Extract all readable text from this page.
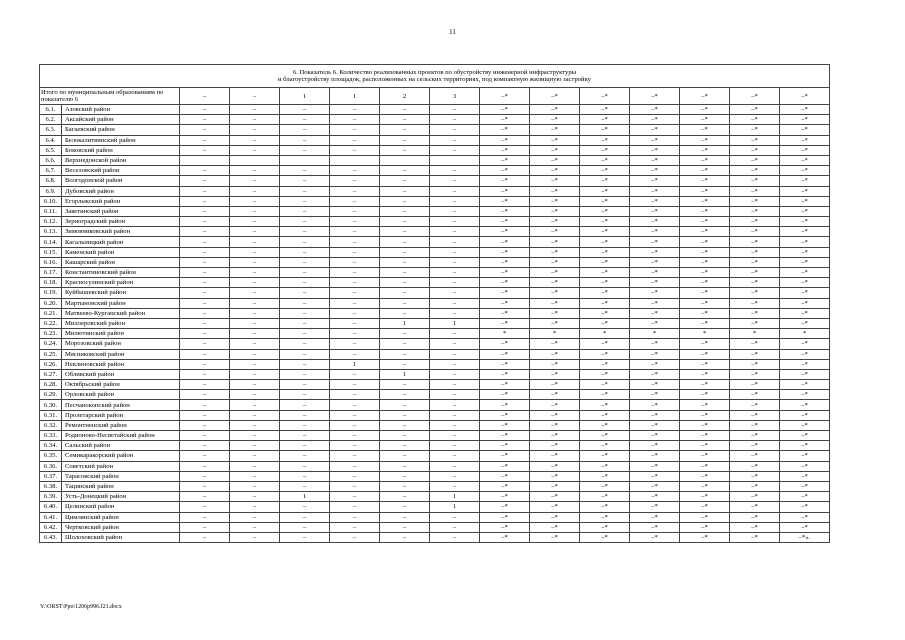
11
6. Показатель 6. Количество реализованных проектов по обустройству инженерной инфраструктуры
и благоустройству площадок, расположенных на сельских территориях, под компактную жилищную застройку														

Итого по муниципальным образованиям по показателю 6		–	–	1	1	2	3	–*	–*	–*	–*	–*	–*	–*
6.1.	Азовский район	–	–	–	–	–	–	–*	–*	–*	–*	–*	–*	–*
6.2.	Аксайский район	–	–	–	–	–	–	–*	–*	–*	–*	–*	–*	–*
6.3.	Багаевский район	–	–	–	–	–	–	–*	–*	–*	–*	–*	–*	–*
6.4.	Белокалитвинский район	–	–	–	–	–	–	–*	–*	–*	–*	–*	–*	–*
6.5.	Боковский район	–	–	–	–	–	–	–*	–*	–*	–*	–*	–*	–*
6.6.	Верхнедонской район							–*	–*	–*	–*	–*	–*	–*
6.7.	Веселовский район	–	–	–	–	–	–	–*	–*	–*	–*	–*	–*	–*
6.8.	Волгодонской район	–	–	–	–	–	–	–*	–*	–*	–*	–*	–*	–*
6.9.	Дубовский район	–	–	–	–	–	–	–*	–*	–*	–*	–*	–*	–*
6.10.	Егорлыкский район	–	–	–	–	–	–	–*	–*	–*	–*	–*	–*	–*
6.11.	Заветинский район	–	–	–	–	–	–	–*	–*	–*	–*	–*	–*	–*
6.12.	Зерноградский район	–	–	–	–	–	–	–*	–*	–*	–*	–*	–*	–*
6.13.	Зимовниковский район	–	–	–	–	–	–	–*	–*	–*	–*	–*	–*	–*
6.14.	Кагальницкий район	–	–	–	–	–	–	–*	–*	–*	–*	–*	–*	–*
6.15.	Каменский район	–	–	–	–	–	–	–*	–*	–*	–*	–*	–*	–*
6.16.	Кашарский район	–	–	–	–	–	–	–*	–*	–*	–*	–*	–*	–*
6.17.	Константиновский район	–	–	–	–	–	–	–*	–*	–*	–*	–*	–*	–*
6.18.	Красносулинский район	–	–	–	–	–	–	–*	–*	–*	–*	–*	–*	–*
6.19.	Куйбышевский район	–	–	–	–	–	–	–*	–*	–*	–*	–*	–*	–*
6.20.	Мартыновский район	–	–	–	–	–	–	–*	–*	–*	–*	–*	–*	–*
6.21.	Матвеево-Курганский район	–	–	–	–	–	–	–*	–*	–*	–*	–*	–*	–*
6.22.	Миллеровский район	–	–	–	–	1	1	–*	–*	–*	–*	–*	–*	–*
6.23.	Милютинский район	–	–	–	–	–	–	*	*	*	*	*	*	*
6.24.	Морозовский район	–	–	–	–	–	–	–*	–*	–*	–*	–*	–*	–*
6.25.	Мясниковский район	–	–	–	–	–	–	–*	–*	–*	–*	–*	–*	–*
6.26.	Неклиновский район	–	–	–	1	–	–	–*	–*	–*	–*	–*	–*	–*
6.27.	Обливский район	–	–	–	–	1	–	–*	–*	–*	–*	–*	–*	–*
6.28.	Октябрьский район	–	–	–	–	–	–	–*	–*	–*	–*	–*	–*	–*
6.29.	Орловский район	–	–	–	–	–	–	–*	–*	–*	–*	–*	–*	–*
6.30.	Песчанокопский район	–	–	–	–	–	–	–*	–*	–*	–*	–*	–*	–*
6.31.	Пролетарский район	–	–	–	–	–	–	–*	–*	–*	–*	–*	–*	–*
6.32.	Ремонтненский район	–	–	–	–	–	–	–*	–*	–*	–*	–*	–*	–*
6.33.	Родионово-Несветайский район	–	–	–	–	–	–	–*	–*	–*	–*	–*	–*	–*
6.34.	Сальский район	–	–	–	–	–	–	–*	–*	–*	–*	–*	–*	–*
6.35.	Семикаракорский район	–	–	–	–	–	–	–*	–*	–*	–*	–*	–*	–*
6.36.	Советский район	–	–	–	–	–	–	–*	–*	–*	–*	–*	–*	–*
6.37.	Тарасовский район	–	–	–	–	–	–	–*	–*	–*	–*	–*	–*	–*
6.38.	Тацинский район	–	–	–	–	–	–	–*	–*	–*	–*	–*	–*	–*
6.39.	Усть-Донецкий район	–	–	1	–	–	1	–*	–*	–*	–*	–*	–*	–*
6.40.	Целинский район	–	–	–	–	–	1	–*	–*	–*	–*	–*	–*	–*
6.41.	Цимлянский район	–	–	–	–	–	–	–*	–*	–*	–*	–*	–*	–*
6.42.	Чертковский район	–	–	–	–	–	–	–*	–*	–*	–*	–*	–*	–*
6.43.	Шолоховский район	–	–	–	–	–	–	–*	–*	–*	–*	–*	–*	–*».
Y:\ORST\Ppo\1206p996.f21.docx
